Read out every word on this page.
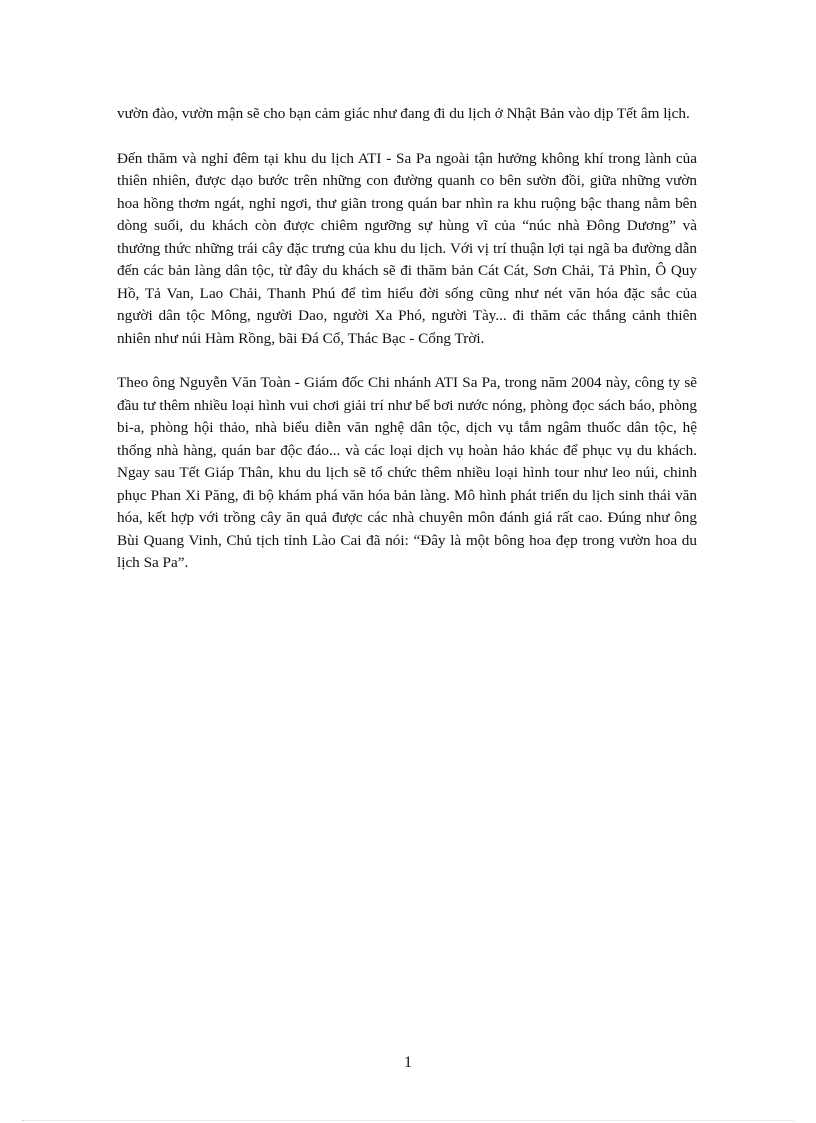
vườn đào, vườn mận sẽ cho bạn cảm giác như đang đi du lịch ở Nhật Bản vào dịp Tết âm lịch.

Đến thăm và nghỉ đêm tại khu du lịch ATI - Sa Pa ngoài tận hưởng không khí trong lành của thiên nhiên, được dạo bước trên những con đường quanh co bên sườn đồi, giữa những vườn hoa hồng thơm ngát, nghỉ ngơi, thư giãn trong quán bar nhìn ra khu ruộng bậc thang nằm bên dòng suối, du khách còn được chiêm ngưỡng sự hùng vĩ của “núc nhà Đông Dương” và thưởng thức những trái cây đặc trưng của khu du lịch. Với vị trí thuận lợi tại ngã ba đường dẫn đến các bản làng dân tộc, từ đây du khách sẽ đi thăm bản Cát Cát, Sơn Chải, Tả Phìn, Ô Quy Hồ, Tả Van, Lao Chải, Thanh Phú để tìm hiểu đời sống cũng như nét văn hóa đặc sắc của người dân tộc Mông, người Dao, người Xa Phó, người Tày... đi thăm các thắng cảnh thiên nhiên như núi Hàm Rồng, bãi Đá Cổ, Thác Bạc - Cổng Trời.

Theo ông Nguyễn Văn Toàn - Giám đốc Chi nhánh ATI Sa Pa, trong năm 2004 này, công ty sẽ đầu tư thêm nhiều loại hình vui chơi giải trí như bể bơi nước nóng, phòng đọc sách báo, phòng bi-a, phòng hội thảo, nhà biểu diễn văn nghệ dân tộc, dịch vụ tắm ngâm thuốc dân tộc, hệ thống nhà hàng, quán bar độc đáo... và các loại dịch vụ hoàn hảo khác để phục vụ du khách. Ngay sau Tết Giáp Thân, khu du lịch sẽ tổ chức thêm nhiều loại hình tour như leo núi, chinh phục Phan Xi Păng, đi bộ khám phá văn hóa bản làng. Mô hình phát triển du lịch sinh thái văn hóa, kết hợp với trồng cây ăn quả được các nhà chuyên môn đánh giá rất cao. Đúng như ông Bùi Quang Vinh, Chủ tịch tỉnh Lào Cai đã nói: “Đây là một bông hoa đẹp trong vườn hoa du lịch Sa Pa”.

1
